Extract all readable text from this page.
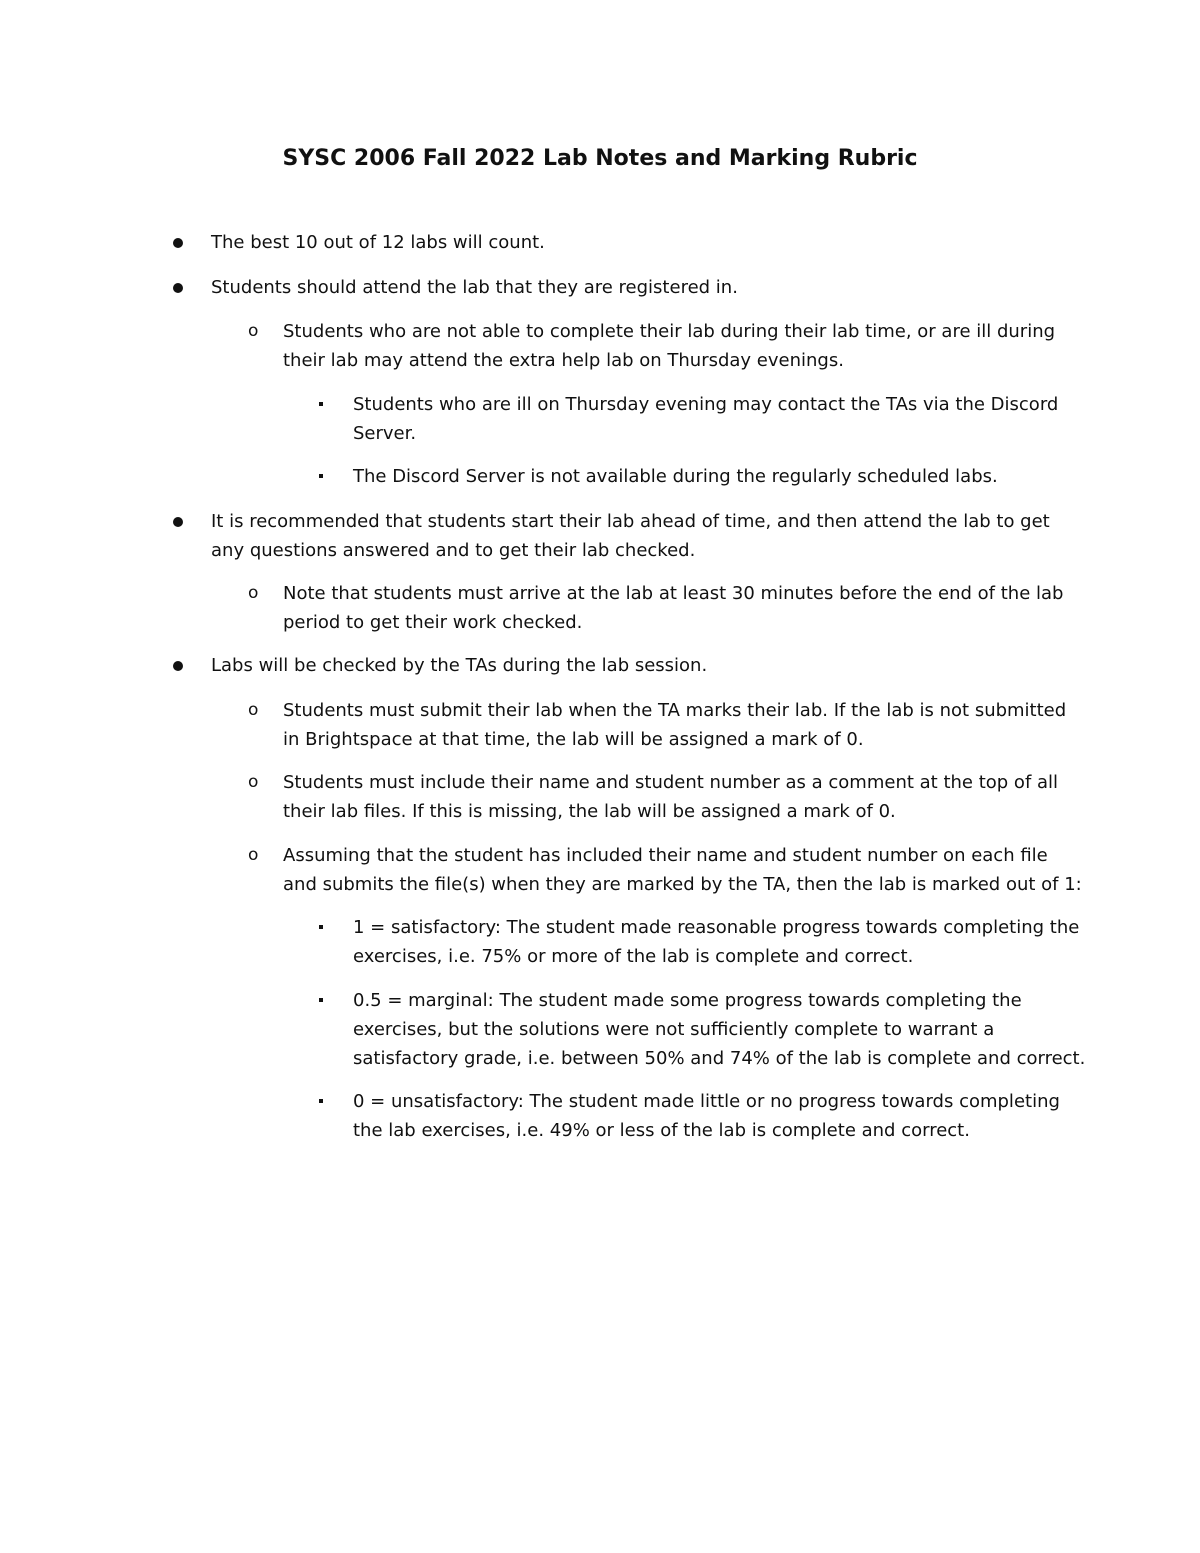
SYSC 2006 Fall 2022 Lab Notes and Marking Rubric
The best 10 out of 12 labs will count.
Students should attend the lab that they are registered in.
o Students who are not able to complete their lab during their lab time, or are ill during
their lab may attend the extra help lab on Thursday evenings.
Students who are ill on Thursday evening may contact the TAs via the Discord
Server.
The Discord Server is not available during the regularly scheduled labs.
It is recommended that students start their lab ahead of time, and then attend the lab to get
any questions answered and to get their lab checked.
o Note that students must arrive at the lab at least 30 minutes before the end of the lab
period to get their work checked.
Labs will be checked by the TAs during the lab session.
o Students must submit their lab when the TA marks their lab. If the lab is not submitted
in Brightspace at that time, the lab will be assigned a mark of 0.
o Students must include their name and student number as a comment at the top of all
their lab files. If this is missing, the lab will be assigned a mark of 0.
o Assuming that the student has included their name and student number on each file
and submits the file(s) when they are marked by the TA, then the lab is marked out of 1:
1 = satisfactory: The student made reasonable progress towards completing the
exercises, i.e. 75% or more of the lab is complete and correct.
0.5 = marginal: The student made some progress towards completing the
exercises, but the solutions were not sufficiently complete to warrant a
satisfactory grade, i.e. between 50% and 74% of the lab is complete and correct.
0 = unsatisfactory: The student made little or no progress towards completing
the lab exercises, i.e. 49% or less of the lab is complete and correct.
